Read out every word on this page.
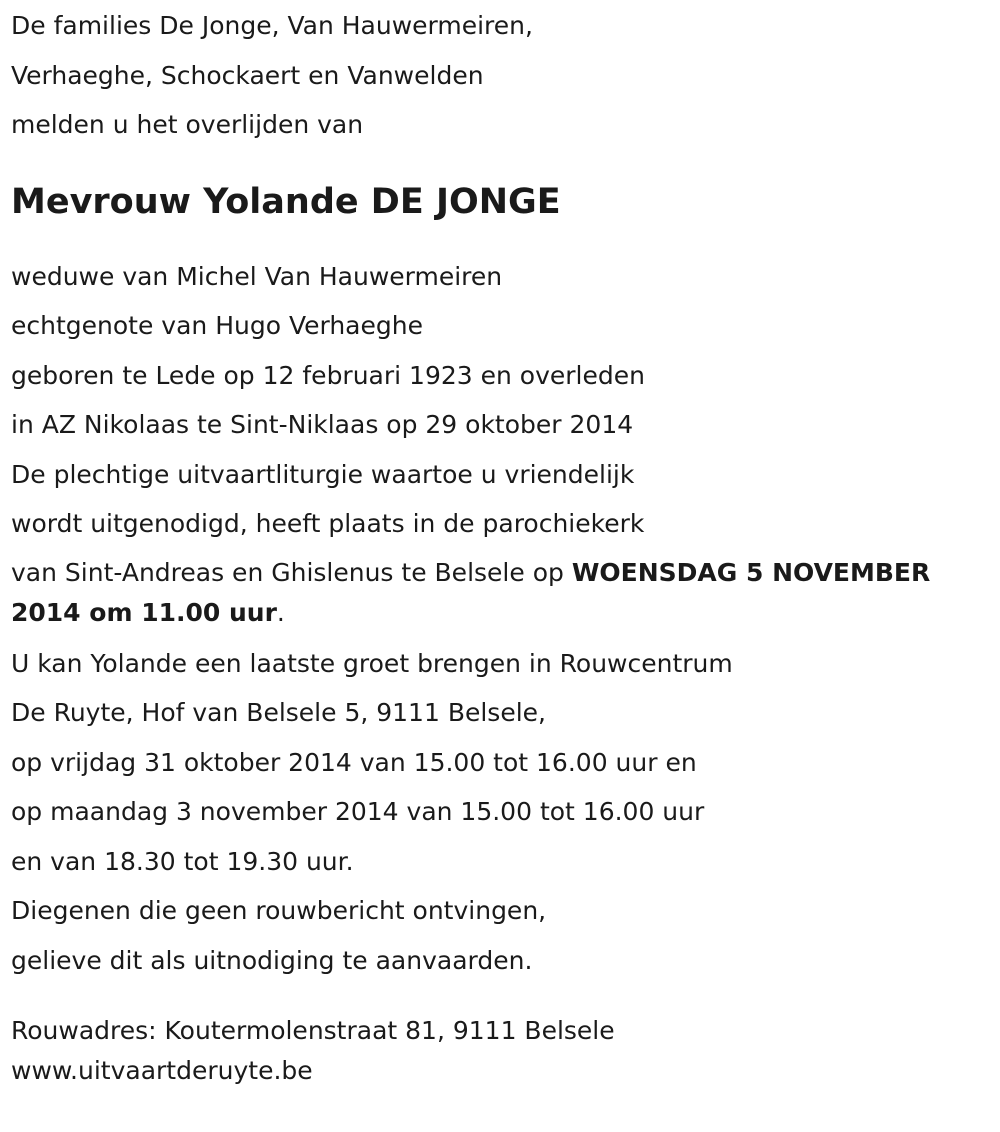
De families De Jonge, Van Hauwermeiren,

Verhaeghe, Schockaert en Vanwelden

melden u het overlijden van

Mevrouw Yolande DE JONGE

weduwe van Michel Van Hauwermeiren

echtgenote van Hugo Verhaeghe

geboren te Lede op 12 februari 1923 en overleden

in AZ Nikolaas te Sint-Niklaas op 29 oktober 2014

De plechtige uitvaartliturgie waartoe u vriendelijk

wordt uitgenodigd, heeft plaats in de parochiekerk

van Sint-Andreas en Ghislenus te Belsele op WOENSDAG 5 NOVEMBER 2014 om 11.00 uur.

U kan Yolande een laatste groet brengen in Rouwcentrum

De Ruyte, Hof van Belsele 5, 9111 Belsele,

op vrijdag 31 oktober 2014 van 15.00 tot 16.00 uur en

op maandag 3 november 2014 van 15.00 tot 16.00 uur

en van 18.30 tot 19.30 uur.

Diegenen die geen rouwbericht ontvingen,

gelieve dit als uitnodiging te aanvaarden.

Rouwadres: Koutermolenstraat 81, 9111 Belsele

www.uitvaartderuyte.be
